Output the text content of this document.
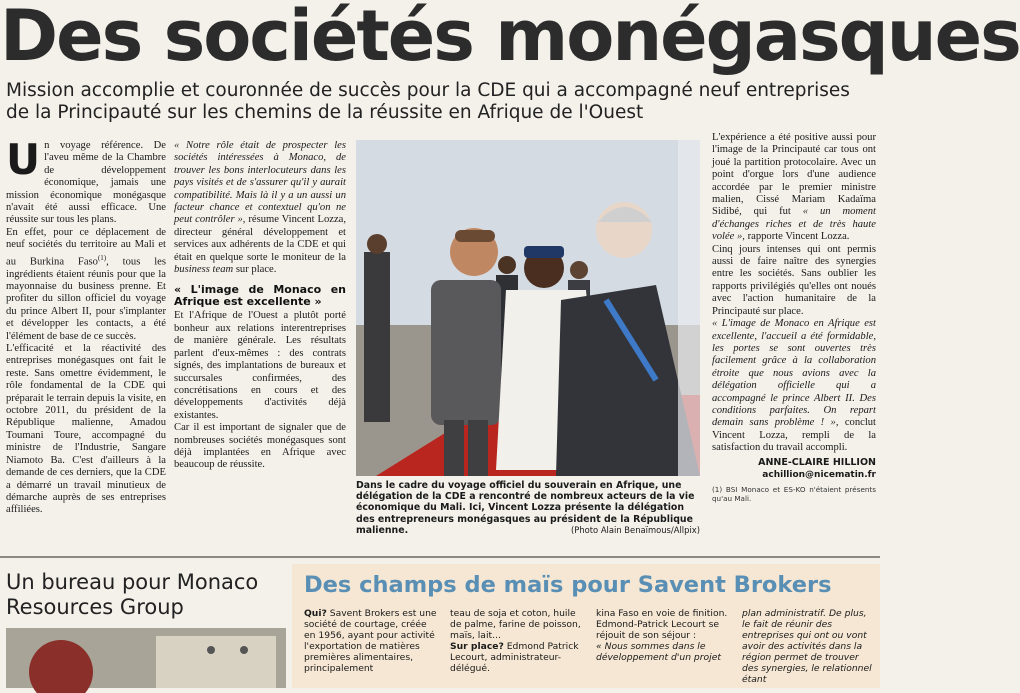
Des sociétés monégasques
Mission accomplie et couronnée de succès pour la CDE qui a accompagné neuf entreprises de la Principauté sur les chemins de la réussite en Afrique de l'Ouest

Un voyage référence. De l'aveu même de la Chambre de développement économique, jamais une mission économique monégasque n'avait été aussi efficace. Une réussite sur tous les plans.

En effet, pour ce déplacement de neuf sociétés du territoire au Mali et au Burkina Faso$^{(1)}$, tous les ingrédients étaient réunis pour que la mayonnaise du business prenne. Et profiter du sillon officiel du voyage du prince Albert II, pour s'implanter et développer les contacts, a été l'élément de base de ce succès.

L'efficacité et la réactivité des entreprises monégasques ont fait le reste. Sans omettre évidemment, le rôle fondamental de la CDE qui préparait le terrain depuis la visite, en octobre 2011, du président de la République malienne, Amadou Toumani Toure, accompagné du ministre de l'Industrie, Sangare Niamoto Ba. C'est d'ailleurs à la demande de ces derniers, que la CDE a démarré un travail minutieux de démarche auprès de ses entreprises affiliées.

« Notre rôle était de prospecter les sociétés intéressées à Monaco, de trouver les bons interlocuteurs dans les pays visités et de s'assurer qu'il y aurait compatibilité. Mais là il y a un aussi un facteur chance et contextuel qu'on ne peut contrôler », résume Vincent Lozza, directeur général développement et services aux adhérents de la CDE et qui était en quelque sorte le moniteur de la business team sur place.

« L'image de Monaco en Afrique est excellente »

Et l'Afrique de l'Ouest a plutôt porté bonheur aux relations interentreprises de manière générale. Les résultats parlent d'eux-mêmes : des contrats signés, des implantations de bureaux et succursales confirmées, des concrétisations en cours et des développements d'activités déjà existantes.

Car il est important de signaler que de nombreuses sociétés monégasques sont déjà implantées en Afrique avec beaucoup de réussite.

Dans le cadre du voyage officiel du souverain en Afrique, une délégation de la CDE a rencontré de nombreux acteurs de la vie économique du Mali. Ici, Vincent Lozza présente la délégation des entrepreneurs monégasques au président de la République malienne.	(Photo Alain Benaïmous/Allpix)

L'expérience a été positive aussi pour l'image de la Principauté car tous ont joué la partition protocolaire. Avec un point d'orgue lors d'une audience accordée par le premier ministre malien, Cissé Mariam Kadaïma Sidibé, qui fut « un moment d'échanges riches et de très haute volée », rapporte Vincent Lozza.

Cinq jours intenses qui ont permis aussi de faire naître des synergies entre les sociétés. Sans oublier les rapports privilégiés qu'elles ont noués avec l'action humanitaire de la Principauté sur place.

« L'image de Monaco en Afrique est excellente, l'accueil a été formidable, les portes se sont ouvertes très facilement grâce à la collaboration étroite que nous avions avec la délégation officielle qui a accompagné le prince Albert II. Des conditions parfaites. On repart demain sans problème ! », conclut Vincent Lozza, rempli de la satisfaction du travail accompli.

ANNE-CLAIRE HILLION
achillion@nicematin.fr
(1) BSI Monaco et ES-KO n'étaient présents qu'au Mali.
Un bureau pour Monaco Resources Group
Des champs de maïs pour Savent Brokers

Qui? Savent Brokers est une société de courtage, créée en 1956, ayant pour activité l'exportation de matières premières alimentaires, principalement

teau de soja et coton, huile de palme, farine de poisson, maïs, lait...

Sur place? Edmond Patrick Lecourt, administrateur-délégué.

kina Faso en voie de finition.

Edmond-Patrick Lecourt se réjouit de son séjour :

« Nous sommes dans le développement d'un projet

plan administratif. De plus, le fait de réunir des entreprises qui ont ou vont avoir des activités dans la région permet de trouver des synergies, le relationnel étant
